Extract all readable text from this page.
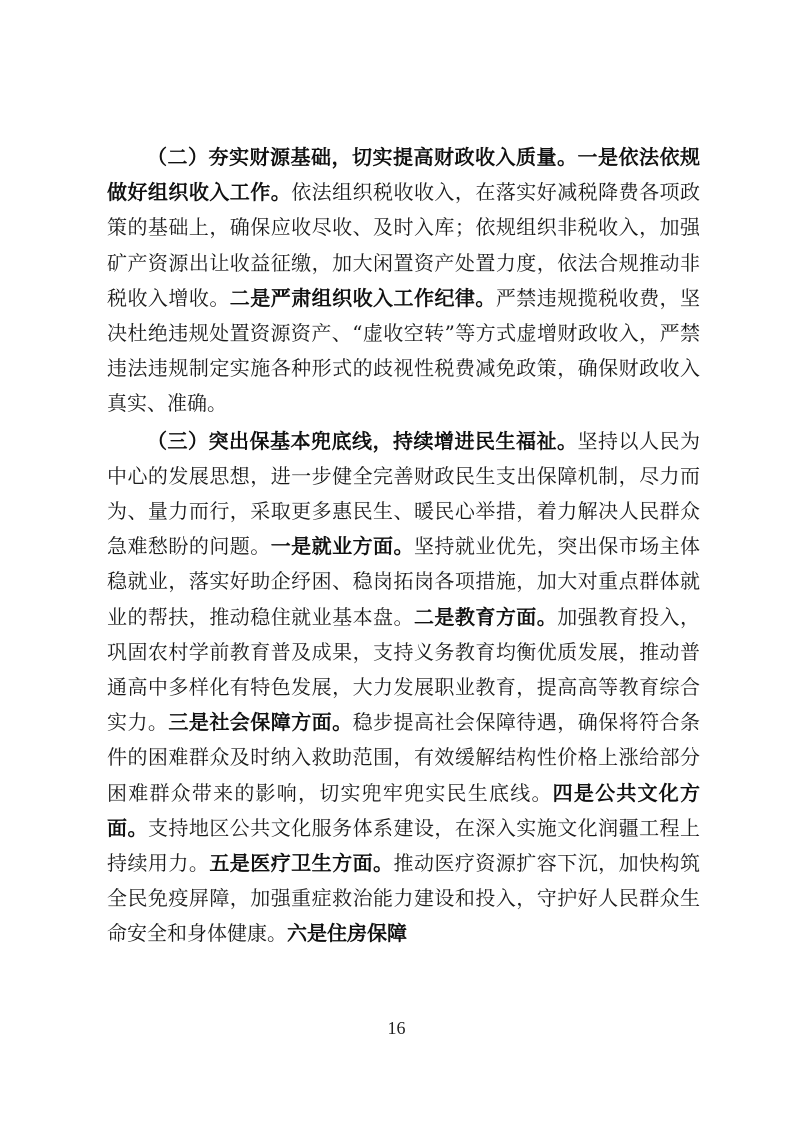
（二）夯实财源基础，切实提高财政收入质量。一是依法依规做好组织收入工作。依法组织税收收入，在落实好减税降费各项政策的基础上，确保应收尽收、及时入库；依规组织非税收入，加强矿产资源出让收益征缴，加大闲置资产处置力度，依法合规推动非税收入增收。二是严肃组织收入工作纪律。严禁违规揽税收费，坚决杜绝违规处置资源资产、“虚收空转”等方式虚增财政收入，严禁违法违规制定实施各种形式的歧视性税费减免政策，确保财政收入真实、准确。

（三）突出保基本兜底线，持续增进民生福祉。坚持以人民为中心的发展思想，进一步健全完善财政民生支出保障机制，尽力而为、量力而行，采取更多惠民生、暖民心举措，着力解决人民群众急难愁盼的问题。一是就业方面。坚持就业优先，突出保市场主体稳就业，落实好助企纾困、稳岗拓岗各项措施，加大对重点群体就业的帮扶，推动稳住就业基本盘。二是教育方面。加强教育投入，巩固农村学前教育普及成果，支持义务教育均衡优质发展，推动普通高中多样化有特色发展，大力发展职业教育，提高高等教育综合实力。三是社会保障方面。稳步提高社会保障待遇，确保将符合条件的困难群众及时纳入救助范围，有效缓解结构性价格上涨给部分困难群众带来的影响，切实兜牢兜实民生底线。四是公共文化方面。支持地区公共文化服务体系建设，在深入实施文化润疆工程上持续用力。五是医疗卫生方面。推动医疗资源扩容下沉，加快构筑全民免疫屏障，加强重症救治能力建设和投入，守护好人民群众生命安全和身体健康。六是住房保障

16
